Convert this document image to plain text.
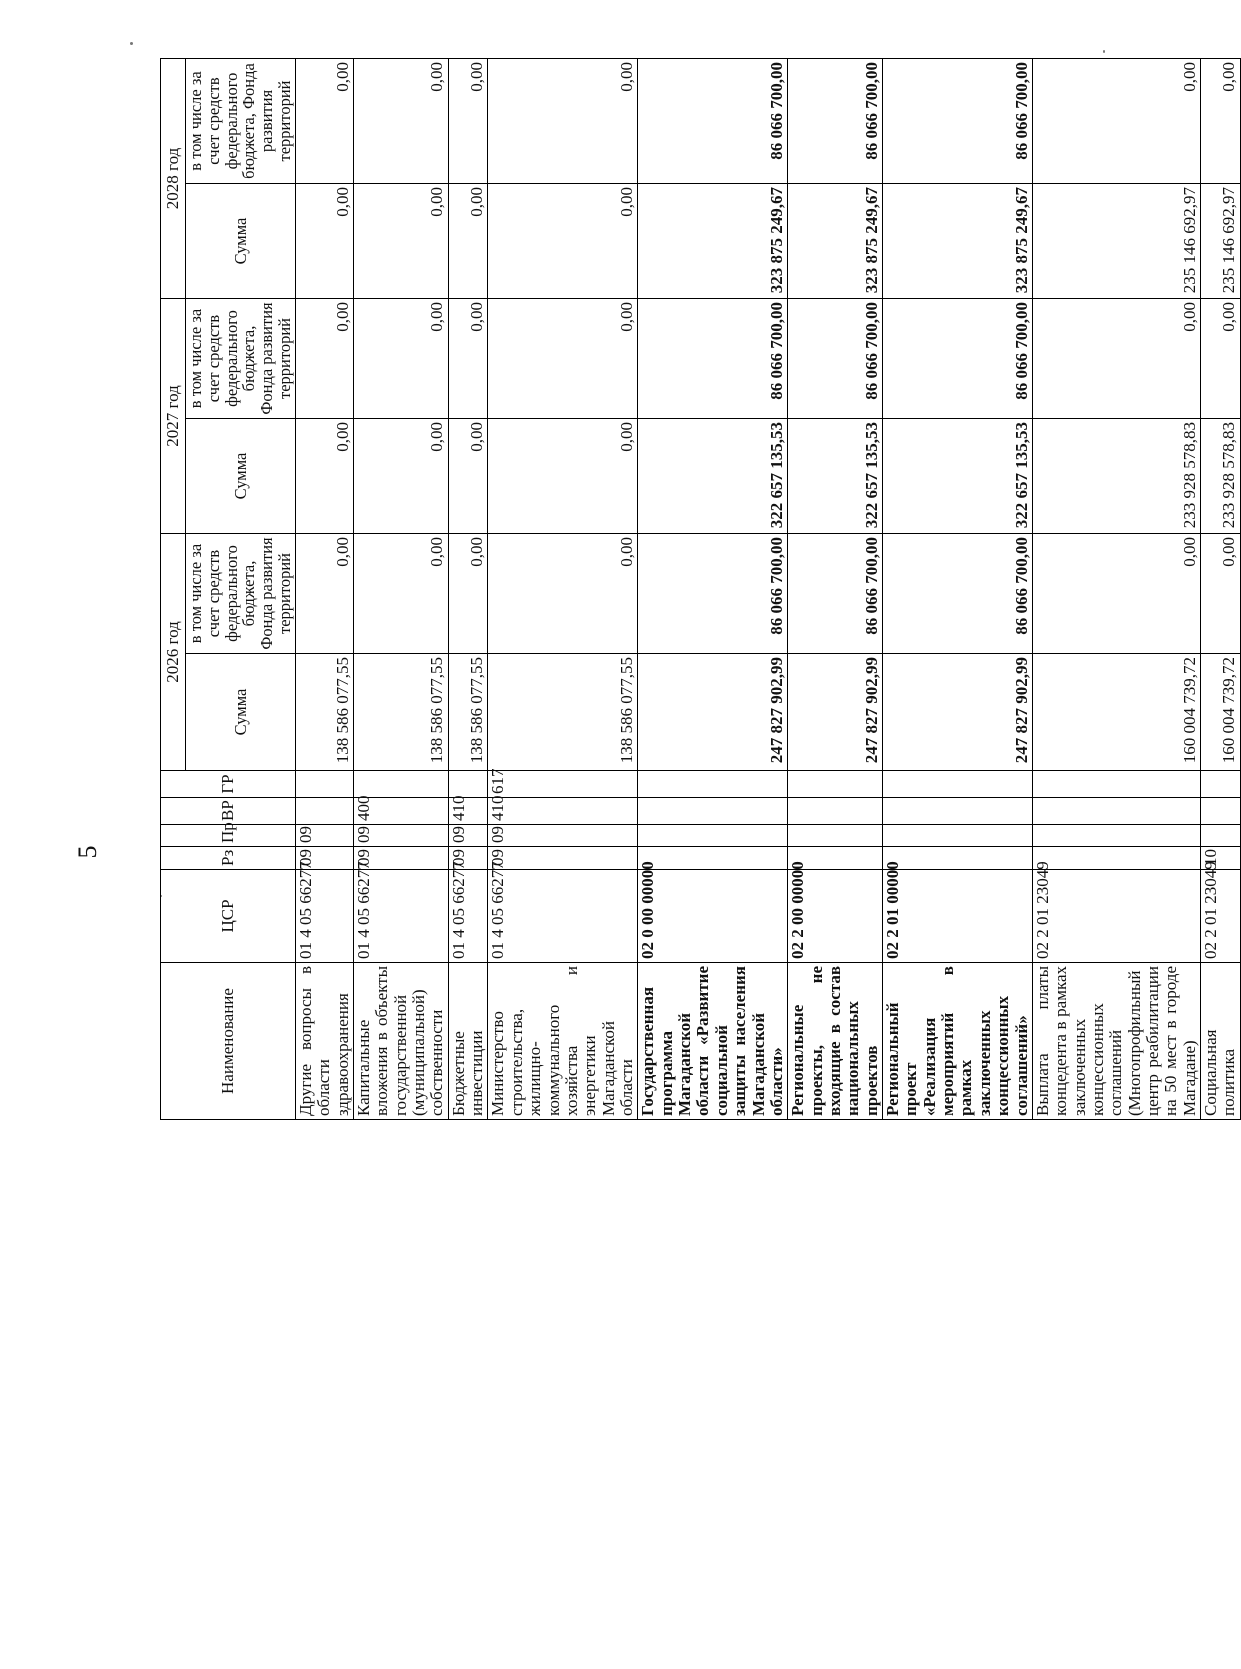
5
Наименование	ЦСР	Рз	Пр	ВР	ГР	2026 год		2027 год		2028 год	
						Сумма	в том числе за счет средств федерального бюджета, Фонда развития территорий	Сумма	в том числе за счет средств федерального бюджета, Фонда развития территорий	Сумма	в том числе за счет средств федерального бюджета, Фонда развития территорий
Другие вопросы в области здравоохранения	01 4 05 66277	09	09			138 586 077,55	0,00	0,00	0,00	0,00	0,00
Капитальные вложения в объекты государственной (муниципальной) собственности	01 4 05 66277	09	09	400		138 586 077,55	0,00	0,00	0,00	0,00	0,00
Бюджетные инвестиции	01 4 05 66277	09	09	410		138 586 077,55	0,00	0,00	0,00	0,00	0,00
Министерство строительства, жилищно-коммунального хозяйства и энергетики Магаданской области	01 4 05 66277	09	09	410	617	138 586 077,55	0,00	0,00	0,00	0,00	0,00
Государственная программа Магаданской области «Развитие социальной защиты населения Магаданской области»	02 0 00 00000					247 827 902,99	86 066 700,00	322 657 135,53	86 066 700,00	323 875 249,67	86 066 700,00
Региональные проекты, не входящие в состав национальных проектов	02 2 00 00000					247 827 902,99	86 066 700,00	322 657 135,53	86 066 700,00	323 875 249,67	86 066 700,00
Региональный проект «Реализация мероприятий в рамках заключенных концессионных соглашений»	02 2 01 00000					247 827 902,99	86 066 700,00	322 657 135,53	86 066 700,00	323 875 249,67	86 066 700,00
Выплата платы концедента в рамках заключенных концессионных соглашений (Многопрофильный центр реабилитации на 50 мест в городе Магадане)	02 2 01 23049					160 004 739,72	0,00	233 928 578,83	0,00	235 146 692,97	0,00
Социальная политика	02 2 01 23049	10				160 004 739,72	0,00	233 928 578,83	0,00	235 146 692,97	0,00
